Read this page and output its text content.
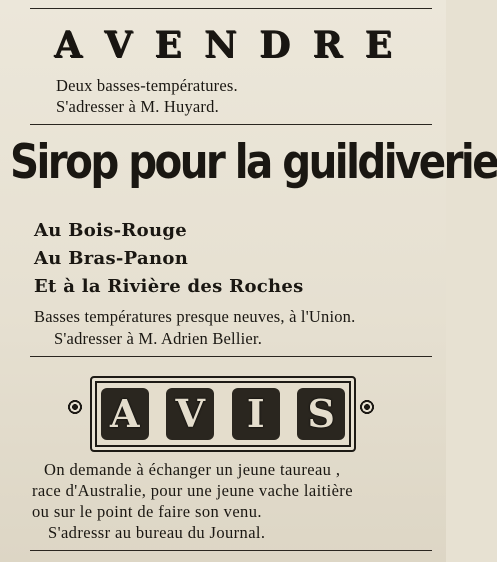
A V E N D R E
Deux basses-températures.
S'adresser à M. Huyard.
Sirop pour la guildiverie
Au Bois-Rouge
Au Bras-Panon
Et à la Rivière des Roches
Basses températures presque neuves, à l'Union.
S'adresser à M. Adrien Bellier.
A V	I	S
On demande à échanger un jeune taureau ,
race d'Australie, pour une jeune vache laitière
ou sur le point de faire son venu.
S'adressr au bureau du Journal.
